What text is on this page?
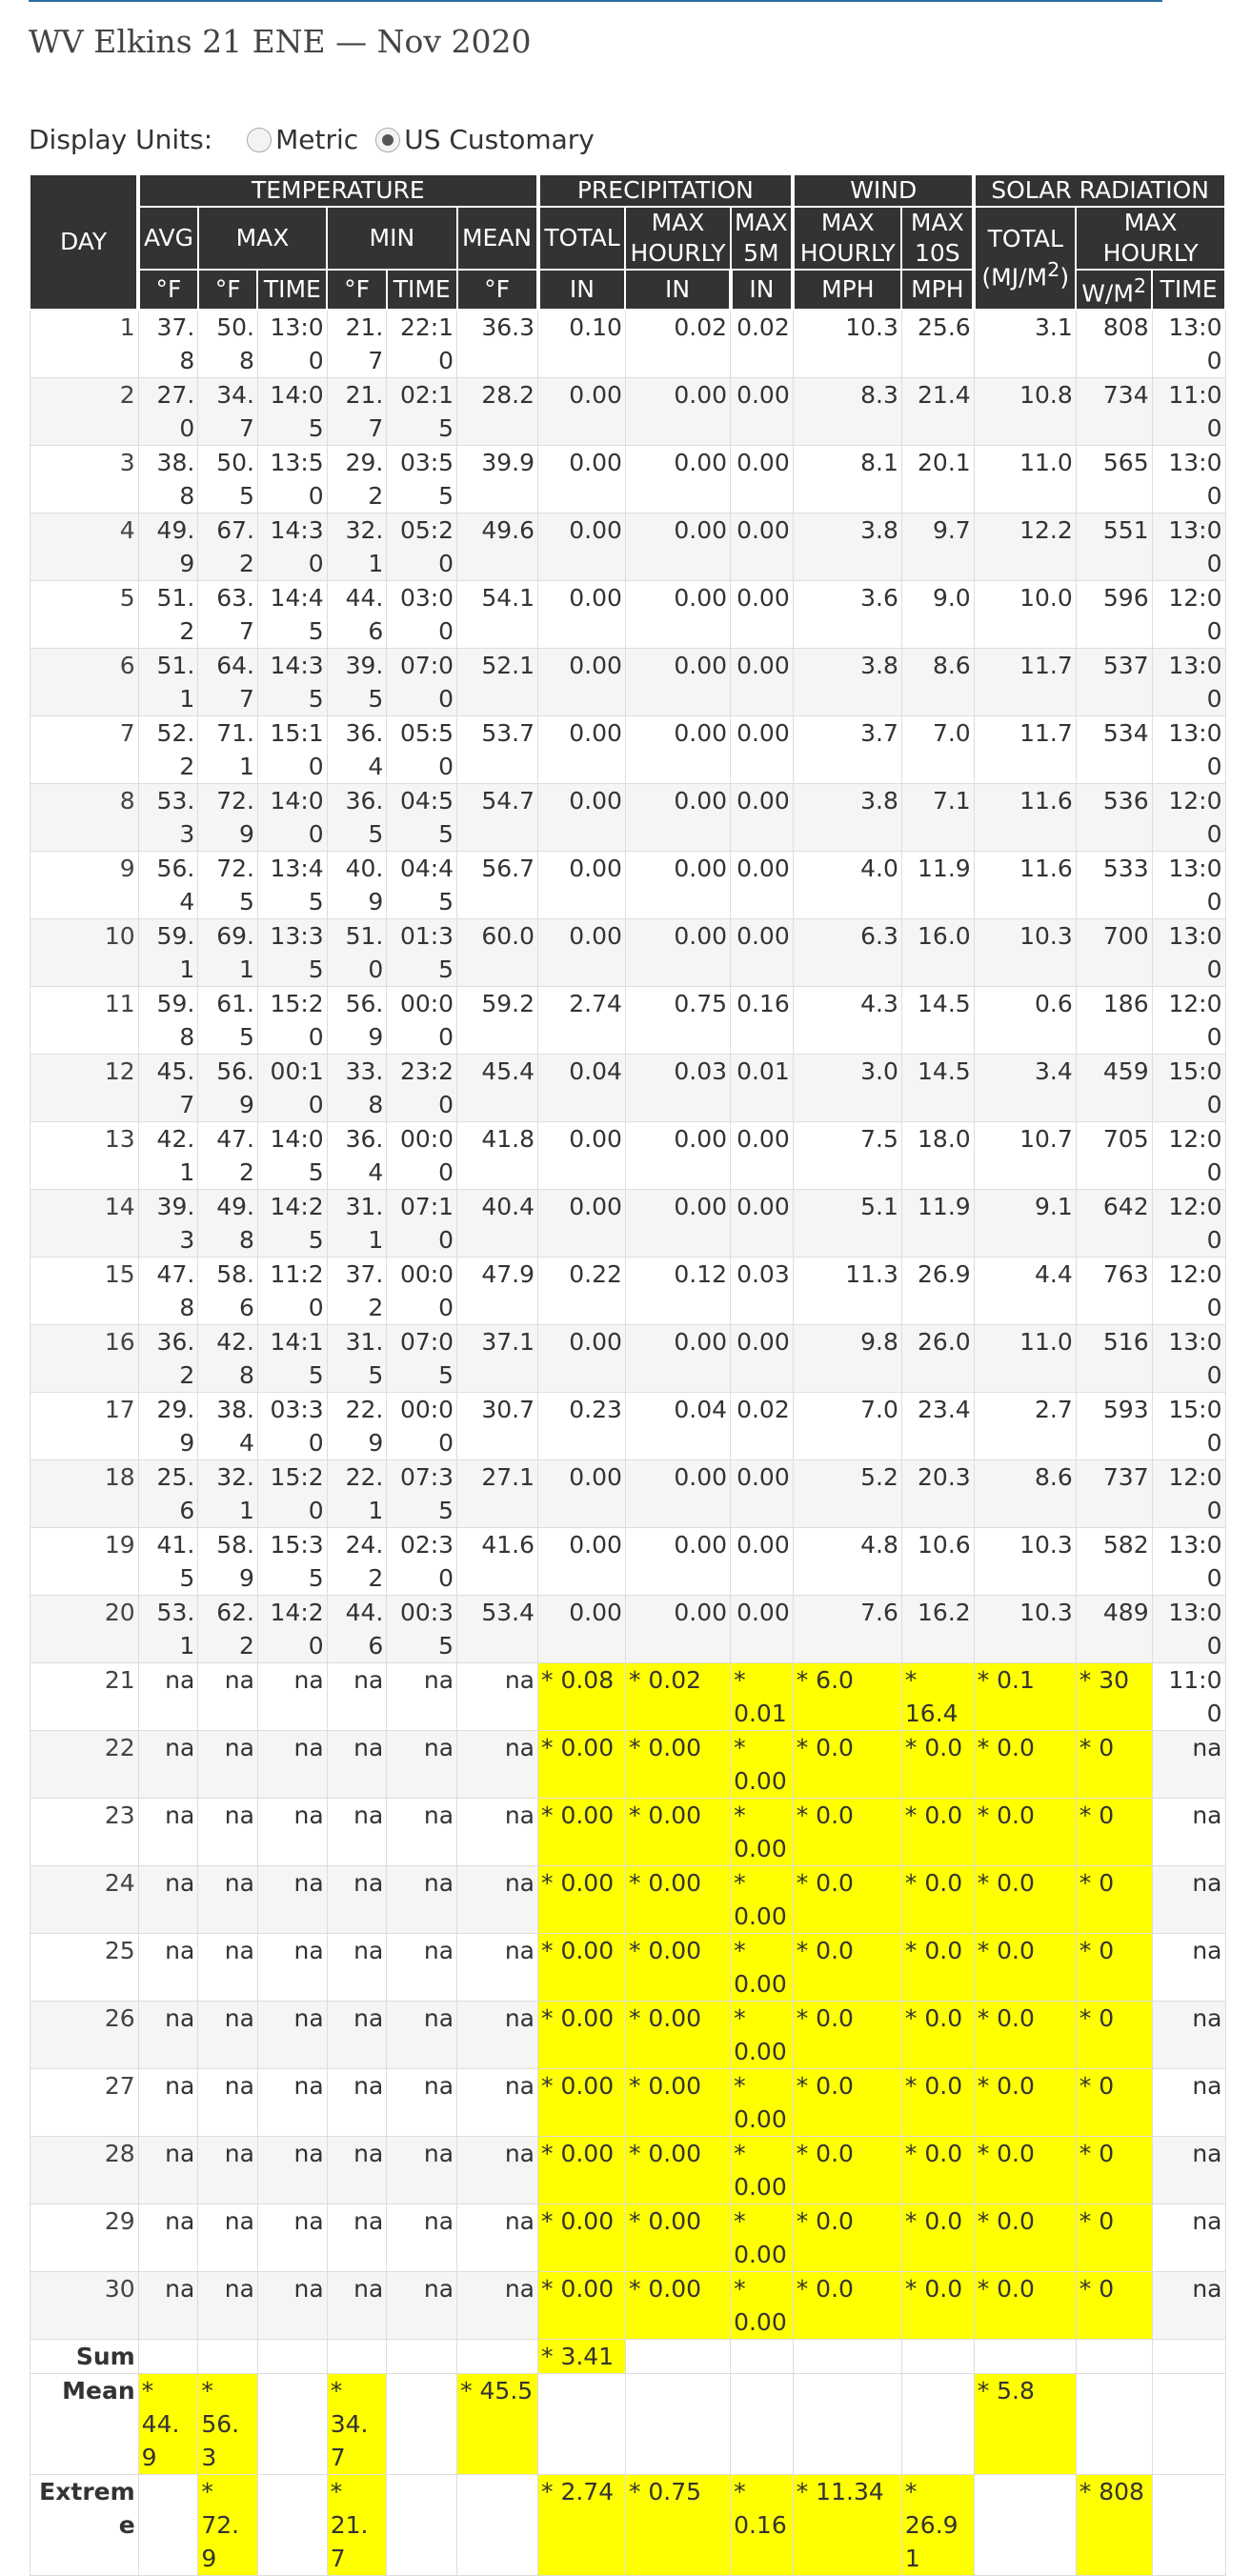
WV Elkins 21 ENE — Nov 2020
Display Units: Metric US Customary
DAY	TEMPERATURE						PRECIPITATION			WIND		SOLAR RADIATION		
	AVG	MAX		MIN		MEAN	TOTAL	MAX HOURLY	MAX 5M	MAX HOURLY	MAX 10S	TOTAL $(MJ/M^2)$	MAX HOURLY	
	°F	°F	TIME	°F	TIME	°F	IN	IN	IN	MPH	MPH		$W/M^2$	TIME
1	37.8	50.8	13:00	21.7	22:10	36.3	0.10	0.02	0.02	10.3	25.6	3.1	808	13:00
2	27.0	34.7	14:05	21.7	02:15	28.2	0.00	0.00	0.00	8.3	21.4	10.8	734	11:00
3	38.8	50.5	13:50	29.2	03:55	39.9	0.00	0.00	0.00	8.1	20.1	11.0	565	13:00
4	49.9	67.2	14:30	32.1	05:20	49.6	0.00	0.00	0.00	3.8	9.7	12.2	551	13:00
5	51.2	63.7	14:45	44.6	03:00	54.1	0.00	0.00	0.00	3.6	9.0	10.0	596	12:00
6	51.1	64.7	14:35	39.5	07:00	52.1	0.00	0.00	0.00	3.8	8.6	11.7	537	13:00
7	52.2	71.1	15:10	36.4	05:50	53.7	0.00	0.00	0.00	3.7	7.0	11.7	534	13:00
8	53.3	72.9	14:00	36.5	04:55	54.7	0.00	0.00	0.00	3.8	7.1	11.6	536	12:00
9	56.4	72.5	13:45	40.9	04:45	56.7	0.00	0.00	0.00	4.0	11.9	11.6	533	13:00
10	59.1	69.1	13:35	51.0	01:35	60.0	0.00	0.00	0.00	6.3	16.0	10.3	700	13:00
11	59.8	61.5	15:20	56.9	00:00	59.2	2.74	0.75	0.16	4.3	14.5	0.6	186	12:00
12	45.7	56.9	00:10	33.8	23:20	45.4	0.04	0.03	0.01	3.0	14.5	3.4	459	15:00
13	42.1	47.2	14:05	36.4	00:00	41.8	0.00	0.00	0.00	7.5	18.0	10.7	705	12:00
14	39.3	49.8	14:25	31.1	07:10	40.4	0.00	0.00	0.00	5.1	11.9	9.1	642	12:00
15	47.8	58.6	11:20	37.2	00:00	47.9	0.22	0.12	0.03	11.3	26.9	4.4	763	12:00
16	36.2	42.8	14:15	31.5	07:05	37.1	0.00	0.00	0.00	9.8	26.0	11.0	516	13:00
17	29.9	38.4	03:30	22.9	00:00	30.7	0.23	0.04	0.02	7.0	23.4	2.7	593	15:00
18	25.6	32.1	15:20	22.1	07:35	27.1	0.00	0.00	0.00	5.2	20.3	8.6	737	12:00
19	41.5	58.9	15:35	24.2	02:30	41.6	0.00	0.00	0.00	4.8	10.6	10.3	582	13:00
20	53.1	62.2	14:20	44.6	00:35	53.4	0.00	0.00	0.00	7.6	16.2	10.3	489	13:00
21	na	na	na	na	na	na	* 0.08	* 0.02	* 0.01	* 6.0	* 16.4	* 0.1	* 30	11:00
22	na	na	na	na	na	na	* 0.00	* 0.00	* 0.00	* 0.0	* 0.0	* 0.0	* 0	na
23	na	na	na	na	na	na	* 0.00	* 0.00	* 0.00	* 0.0	* 0.0	* 0.0	* 0	na
24	na	na	na	na	na	na	* 0.00	* 0.00	* 0.00	* 0.0	* 0.0	* 0.0	* 0	na
25	na	na	na	na	na	na	* 0.00	* 0.00	* 0.00	* 0.0	* 0.0	* 0.0	* 0	na
26	na	na	na	na	na	na	* 0.00	* 0.00	* 0.00	* 0.0	* 0.0	* 0.0	* 0	na
27	na	na	na	na	na	na	* 0.00	* 0.00	* 0.00	* 0.0	* 0.0	* 0.0	* 0	na
28	na	na	na	na	na	na	* 0.00	* 0.00	* 0.00	* 0.0	* 0.0	* 0.0	* 0	na
29	na	na	na	na	na	na	* 0.00	* 0.00	* 0.00	* 0.0	* 0.0	* 0.0	* 0	na
30	na	na	na	na	na	na	* 0.00	* 0.00	* 0.00	* 0.0	* 0.0	* 0.0	* 0	na
Sum							* 3.41							
Mean	* 44.9	* 56.3		* 34.7		* 45.5						* 5.8		
Extreme		* 72.9		* 21.7			* 2.74	* 0.75	* 0.16	* 11.34	* 26.91		* 808	
